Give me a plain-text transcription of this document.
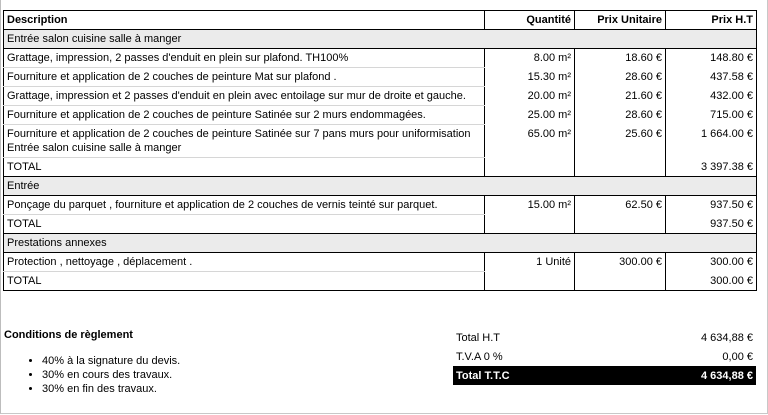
Description	Quantité	Prix Unitaire	Prix H.T
Entrée salon cuisine salle à manger			
Grattage, impression, 2 passes d'enduit en plein sur plafond. TH100%	8.00 m²	18.60 €	148.80 €
Fourniture et application de 2 couches de peinture Mat sur plafond .	15.30 m²	28.60 €	437.58 €
Grattage, impression et 2 passes d'enduit en plein avec entoilage sur mur de droite et gauche.	20.00 m²	21.60 €	432.00 €
Fourniture et application de 2 couches de peinture Satinée sur 2 murs endommagées.	25.00 m²	28.60 €	715.00 €
Fourniture et application de 2 couches de peinture Satinée sur 7 pans murs pour uniformisation Entrée salon cuisine salle à manger	65.00 m²	25.60 €	1 664.00 €
TOTAL			3 397.38 €
Entrée			
Ponçage du parquet , fourniture et application de 2 couches de vernis teinté sur parquet.	15.00 m²	62.50 €	937.50 €
TOTAL			937.50 €
Prestations annexes			
Protection , nettoyage , déplacement .	1 Unité	300.00 €	300.00 €
TOTAL			300.00 €
Conditions de règlement
• 40% à la signature du devis.
• 30% en cours des travaux.
• 30% en fin des travaux.
Total H.T	4 634,88 €
T.V.A 0 %	0,00 €
Total T.T.C	4 634,88 €
